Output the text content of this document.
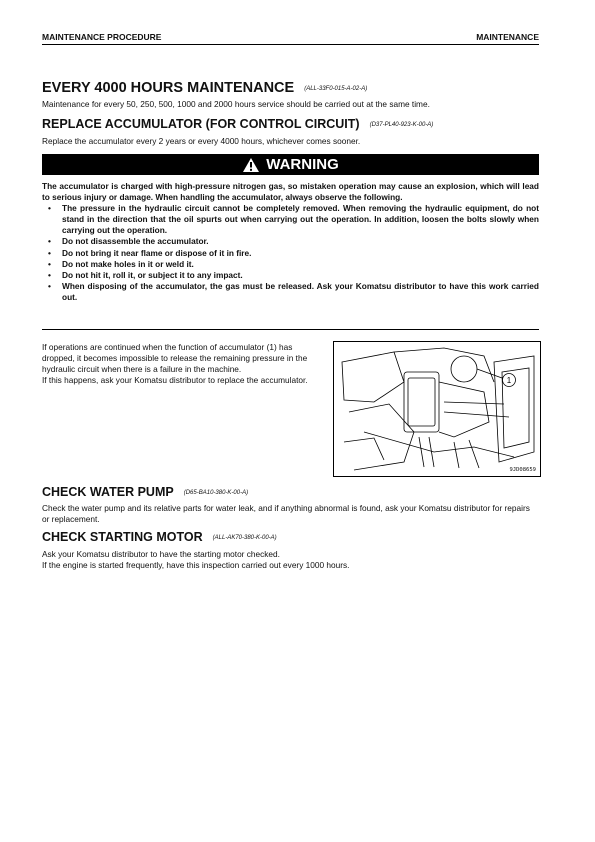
MAINTENANCE PROCEDURE	MAINTENANCE
EVERY 4000 HOURS MAINTENANCE (ALL-33F0-015-A-02-A)
Maintenance for every 50, 250, 500, 1000 and 2000 hours service should be carried out at the same time.
REPLACE ACCUMULATOR (FOR CONTROL CIRCUIT) (D37-PL40-923-K-00-A)
Replace the accumulator every 2 years or every 4000 hours, whichever comes sooner.
WARNING
The accumulator is charged with high-pressure nitrogen gas, so mistaken operation may cause an explosion, which will lead to serious injury or damage. When handling the accumulator, always observe the following.
• The pressure in the hydraulic circuit cannot be completely removed. When removing the hydraulic equipment, do not stand in the direction that the oil spurts out when carrying out the operation. In addition, loosen the bolts slowly when carrying out the operation.
• Do not disassemble the accumulator.
• Do not bring it near flame or dispose of it in fire.
• Do not make holes in it or weld it.
• Do not hit it, roll it, or subject it to any impact.
• When disposing of the accumulator, the gas must be released. Ask your Komatsu distributor to have this work carried out.
If operations are continued when the function of accumulator (1) has dropped, it becomes impossible to release the remaining pressure in the hydraulic circuit when there is a failure in the machine.
If this happens, ask your Komatsu distributor to replace the accumulator.	1
9JD08659
CHECK WATER PUMP (D65-BA10-380-K-00-A)
Check the water pump and its relative parts for water leak, and if anything abnormal is found, ask your Komatsu distributor for repairs or replacement.
CHECK STARTING MOTOR (ALL-AK70-380-K-00-A)
Ask your Komatsu distributor to have the starting motor checked.
If the engine is started frequently, have this inspection carried out every 1000 hours.
